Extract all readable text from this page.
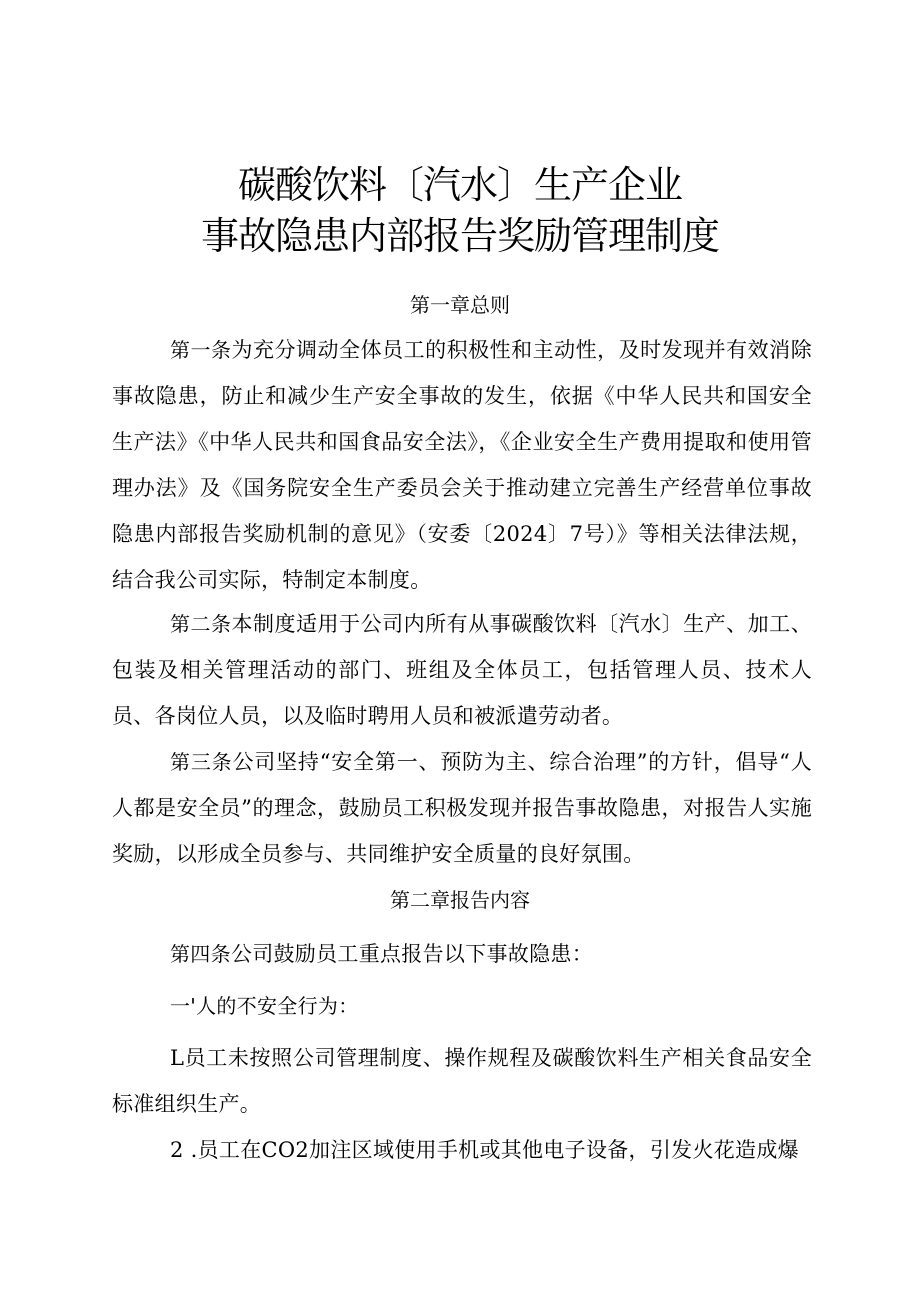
碳酸饮料〔汽水〕生产企业
事故隐患内部报告奖励管理制度
第一章总则

第一条为充分调动全体员工的积极性和主动性，及时发现并有效消除事故隐患，防止和减少生产安全事故的发生，依据《中华人民共和国安全生产法》《中华人民共和国食品安全法》，《企业安全生产费用提取和使用管理办法》及《国务院安全生产委员会关于推动建立完善生产经营单位事故隐患内部报告奖励机制的意见》（安委〔2024〕7号）》等相关法律法规，结合我公司实际，特制定本制度。

第二条本制度适用于公司内所有从事碳酸饮料〔汽水〕生产、加工、包装及相关管理活动的部门、班组及全体员工，包括管理人员、技术人员、各岗位人员，以及临时聘用人员和被派遣劳动者。

第三条公司坚持“安全第一、预防为主、综合治理”的方针，倡导“人人都是安全员”的理念，鼓励员工积极发现并报告事故隐患，对报告人实施奖励，以形成全员参与、共同维护安全质量的良好氛围。

第二章报告内容

第四条公司鼓励员工重点报告以下事故隐患：

一'人的不安全行为：

L员工未按照公司管理制度、操作规程及碳酸饮料生产相关食品安全标准组织生产。

2 .员工在CO2加注区域使用手机或其他电子设备，引发火花造成爆
